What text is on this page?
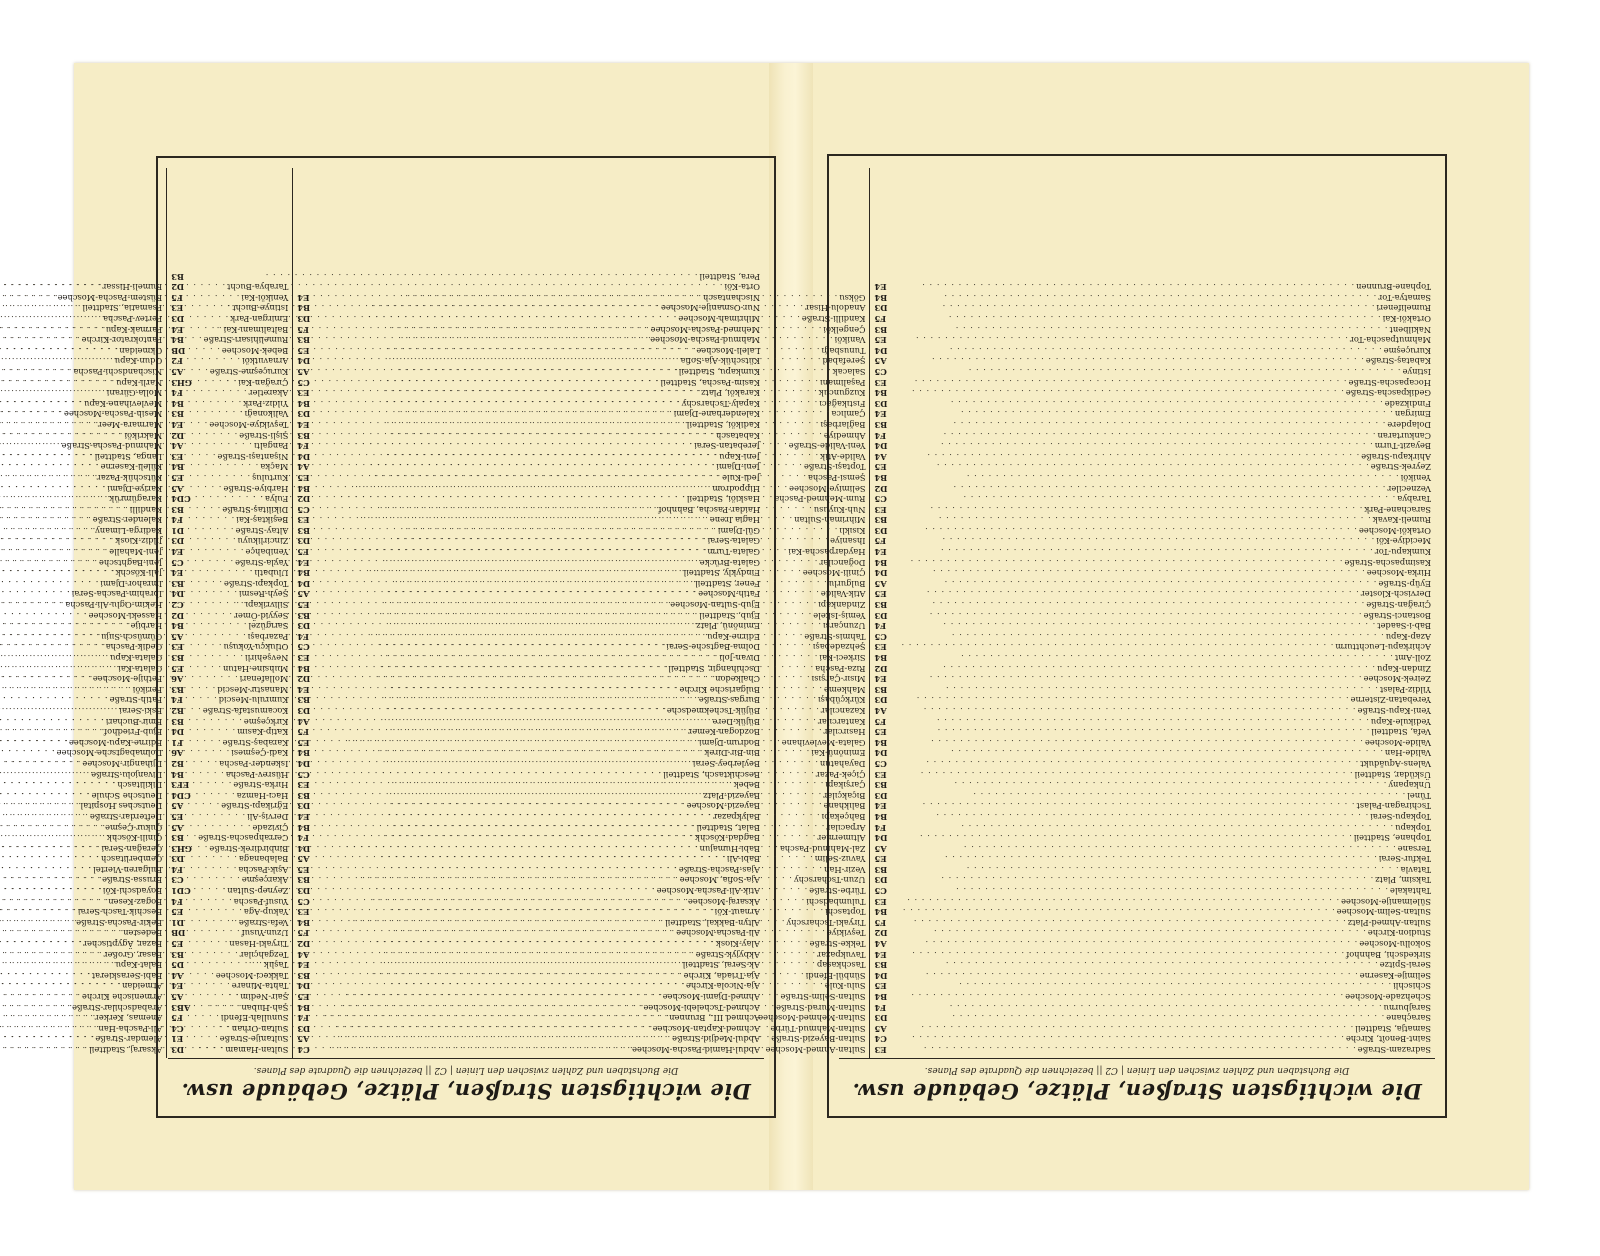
Die wichtigsten Straßen, Plätze, Gebäude usw.
Die Buchstaben und Zahlen zwischen den Linien | C2 || bezeichnen die Quadrate des Planes.
Abdul-Hamid-Pascha-Moschee
. . .
D3
Abdul-Medjid-Straße
. . .
E1
Achmed-Kaptan-Moschee
. . .
C4
Achmed III., Brunnen
. . .
F5
Achmed-Tschelebi-Moschee
. . .
AB3
Ahmed-Djami-Moschee
. . .
A5
Aja-Nicola-Kirche
. . .
E4
Aja-Triada, Kirche
. . .
A4
Ak-Serai, Stadtteil
. . .
D5
Akbyjyk-Straße
. . .
B3
Alay-Kiosk
. . .
E5
Ali-Pascha-Moschee
. . .
DB
Altyn-Bakkal, Stadtteil
. . .
D1
Arnaut-Köi
. . .
E5
Aksaraj-Moschee
. . .
F4
Atik-Ali-Pascha-Moschee
. . .
CD1
Aja-Sofia, Moschee
. . .
C3
Ajas-Pascha-Straße
. . .
F4
Babi-Ali
. . .
D3
Babi-Humajun
. . .
GH3
Bagdad-Köschk
. . .
B3
Balat, Stadtteil
. . .
A5
Balykpazar
. . .
E5
Bayezid-Moschee
. . .
A5
Bayezid-Platz
. . .
CD4
Bebek
. . .
EF3
Beschiktasch, Stadtteil
. . .
B4
Beylerbey-Serai
. . .
B2
Bin-Bir-Direk
. . .
A6
Bodrum-Djami
. . .
F1
Bozdogan-Kemer
. . .
D4
Büjük-Dere
. . .
B3
Büjük-Tschekmedsche
. . .
B2
Burgas-Straße
. . .
F4
Bulgarische Kirche
. . .
B3
Chalkedon
. . .
A6
Dschihangir, Stadtteil
. . .
E5
Divan-Joli
. . .
B3
Dolma-Bagtsche-Serai
. . .
E3
Edirne-Kapu
. . .
A5
Eminönü, Platz
. . .
B4
Ejub, Stadtteil
. . .
D2
Ejub-Sultan-Moschee
. . .
C2
Fatih-Moschee
. . .
D4
Fener, Stadtteil
. . .
B3
Findykly, Stadtteil
. . .
E4
Galata-Brücke
. . .
C5
Galata-Turm
. . .
E4
Galata-Serai
. . .
D3
Gül-Djami
. . .
D1
Hagia Irene
. . .
F4
Haidar-Pascha, Bahnhof
. . .
B3
Haskiöi, Stadtteil
. . .
CD4
Hippodrom
. . .
A5
Jedi-Kule
. . .
E5
Jeni-Djami
. . .
B4
Jeni-Kapu
. . .
E3
Jerebatan-Serai
. . .
A4
Kabatasch
. . .
D2
Kadiköi, Stadtteil
. . .
E4
Kalenderhane-Djami
. . .
B3
Kapaly-Tscharschy
. . .
B4
Karaköi, Platz
. . .
F4
Kasim-Pascha, Stadtteil
. . .
GH3
Kumkapu, Stadtteil
. . .
A5
Kütschük-Aja-Sofia
. . .
F2
Laleli-Moschee
. . .
DB
Mahmud-Pascha-Moschee
. . .
B4
Mehmed-Pascha-Moschee
. . .
E4
Mihrimah-Moschee
. . .
D3
Nur-Osmanije-Moschee
. . .
E3
Nischantasch
. . .
F5
Orta-Köi
. . .
D2
Pera, Stadtteil
. . .
B3
Aksaraj, Stadtteil
. . .
Alemdar-Straße
. . .
Ali-Pascha-Han
. . .
Anemas, Kerker
. . .
Arabadschilar-Straße
. . .
Armenische Kirche
. . .
Atmeidan
. . .
Babi-Seraskierat
. . .
Balat-Kapu
. . .
Basar, Großer
. . .
Bazar, Ägyptischer
. . .
Bedesten
. . .
Bekir-Pascha-Straße
. . .
Beschik-Tasch-Serai
. . .
Bogaz-Kesen
. . .
Boyadschi-Köi
. . .
Brussa-Straße
. . .
Bulgaren-Viertel
. . .
Çemberlitasch
. . .
Çerağan-Serai
. . .
Çinili-Köschk
. . .
Çukur-Çeşme
. . .
Defterdar-Straße
. . .
Deutsches Hospital
. . .
Deutsche Schule
. . .
Dikilitasch
. . .
Divanjolu-Straße
. . .
Djihangir-Moschee
. . .
Dolmabagtsche-Moschee
. . .
Edirne-Kapu-Moschee
. . .
Ejub-Friedhof
. . .
Emir-Buchari
. . .
Eski-Serai
. . .
Fatih-Straße
. . .
Feriköi
. . .
Fethije-Moschee
. . .
Galata-Kai
. . .
Galata-Kapu
. . .
Gedik-Pascha
. . .
Gümüsch-Suju
. . .
Harbije
. . .
Hasseki-Moschee
. . .
Hekim-Oglu-Ali-Pascha
. . .
Ibrahim-Pascha-Serai
. . .
Imrahor-Djami
. . .
Jali-Köschk
. . .
Jeni-Baghtsche
. . .
Jeni-Mahalle
. . .
Jildiz-Kiosk
. . .
Kadirga-Limany
. . .
Kalender-Straße
. . .
Kandilli
. . .
Karagümrük
. . .
Kariye-Djami
. . .
Kütschük-Pazar
. . .
Küleli-Kaserne
. . .
Langa, Stadtteil
. . .
Mahmud-Pascha-Straße
. . .
Makriköi
. . .
Marmara-Meer
. . .
Mesih-Pascha-Moschee
. . .
Mevlevihane-Kapu
. . .
Molla-Gürani
. . .
Narli-Kapu
. . .
Nischandschi-Pascha
. . .
Odun-Kapu
. . .
Okmeidan
. . .
Pantokrator-Kirche
. . .
Parmak-Kapu
. . .
Pertev-Pascha
. . .
Psamatia, Stadtteil
. . .
Rüstem-Pascha-Moschee
. . .
Rumeli-Hissar
. . .
Die wichtigsten Straßen, Plätze, Gebäude usw.
Die Buchstaben und Zahlen zwischen den Linien | C2 || bezeichnen die Quadrate des Planes.
Sadrazam-Straße
. . .
E3
Saint-Benoît, Kirche
. . .
C4
Samatja, Stadtteil
. . .
A5
Saraçhane
. . .
D3
Sarajburnu
. . .
F4
Schehzade-Moschee
. . .
B4
Schischli
. . .
E5
Selimije-Kaserne
. . .
D4
Serai-Spitze
. . .
B3
Sirkedschi, Bahnhof
. . .
E4
Sokollu-Moschee
. . .
A4
Studion-Kirche
. . .
D2
Sultan-Ahmed-Platz
. . .
F5
Sultan-Selim-Moschee
. . .
B4
Süleimanije-Moschee
. . .
E3
Tahtakale
. . .
C5
Taksim, Platz
. . .
D3
Tatavla
. . .
B3
Tekfur-Serai
. . .
E5
Tersane
. . .
A5
Tophane, Stadtteil
. . .
D4
Topkapu
. . .
F4
Topkapu-Serai
. . .
B4
Tschiragan-Palast
. . .
E4
Tünel
. . .
D3
Unkapany
. . .
B3
Üsküdar, Stadtteil
. . .
E3
Valens-Aquädukt
. . .
C5
Valide-Han
. . .
D4
Valide-Moschee
. . .
B4
Vefa, Stadtteil
. . .
E5
Yedikule-Kapu
. . .
F5
Yeni-Kapu-Straße
. . .
A4
Yerebatan-Zisterne
. . .
D3
Yildiz-Palast
. . .
B3
Zeirek-Moschee
. . .
E4
Zindan-Kapu
. . .
D2
Zoll-Amt
. . .
B4
Achirkapu-Leuchtturm
. . .
E3
Azap-Kapu
. . .
C5
Bab-i-Saadet
. . .
F4
Bostanci-Straße
. . .
D3
Çirağan-Straße
. . .
B3
Dervisch-Kloster
. . .
E5
Eyüp-Straße
. . .
A5
Hirka-Moschee
. . .
D4
Kasimpascha-Straße
. . .
B4
Kumkapu-Tor
. . .
E4
Mecidiye-Köi
. . .
F5
Ortaköi-Moschee
. . .
D3
Rumeli-Kavak
. . .
B3
Sarachane-Park
. . .
E3
Tarabya
. . .
C5
Vezneciler
. . .
D2
Yeniköi
. . .
B4
Zeyrek-Straße
. . .
E5
Ahirkapu-Straße
. . .
A4
Beyazit-Turm
. . .
D4
Cankurtaran
. . .
F4
Dolapdere
. . .
B3
Emirgan
. . .
E4
Fındıkzade
. . .
D3
Gedikpascha-Straße
. . .
B4
Hocapascha-Straße
. . .
E3
Istinye
. . .
C5
Kabataş-Straße
. . .
A5
Kuruçeşme
. . .
D4
Mahmutpascha-Tor
. . .
E5
Nakilbent
. . .
B3
Ortaköi-Kai
. . .
F5
Rumelifeneri
. . .
D3
Samatya-Tor
. . .
B4
Tophane-Brunnen
. . .
E4
Sultan-Ahmed-Moschee
. . .
C4
Sultan-Bayezid-Straße
. . .
A5
Sultan-Mahmud-Türbe
. . .
D3
Sultan-Mehmed-Moschee
. . .
F4
Sultan-Murad-Straße
. . .
B4
Sultan-Selim-Straße
. . .
E5
Sulu-Kule
. . .
D4
Sünbül-Efendi
. . .
B3
Taschkasap
. . .
E4
Tavukpazar
. . .
A4
Tekke-Straße
. . .
D2
Teşvikiye
. . .
F5
Tiryaki-Tscharschy
. . .
B4
Toptaschi
. . .
E3
Tulumbadschi
. . .
C5
Türbe-Straße
. . .
D3
Uzun-Tscharschy
. . .
B3
Vezir-Han
. . .
E5
Yavuz-Selim
. . .
A5
Zal-Mahmud-Pascha
. . .
D4
Altımermer
. . .
F4
Arpacılar
. . .
B4
Bahçekapı
. . .
E4
Balıkhane
. . .
D3
Bıçakçılar
. . .
B3
Çarşıkapı
. . .
E3
Çiçek-Pazar
. . .
C5
Dayahatun
. . .
D4
Eminönü-Kai
. . .
B4
Galata-Mevlevihane
. . .
E5
Hasırcılar
. . .
F5
Kantarcılar
. . .
A4
Kazancılar
. . .
D3
Kürkçübaşı
. . .
B3
Mahkeme
. . .
E4
Mısır-Çarşısı
. . .
D2
Rıza-Pascha
. . .
B4
Sirkeci-Kai
. . .
E3
Şehzadebaşı
. . .
C5
Tahmis-Straße
. . .
F4
Uzunçarşı
. . .
D3
Yemiş-Iskele
. . .
B3
Zindankapı
. . .
E5
Atik-Valide
. . .
A5
Bulgurlu
. . .
D4
Çinili-Moschee
. . .
B4
Doğancılar
. . .
E4
Haydarpascha-Kai
. . .
F5
Ihsaniye
. . .
D3
Kısıklı
. . .
B3
Mihrimah-Sultan
. . .
E3
Nuh-Kuyusu
. . .
C5
Rum-Mehmed-Pascha
. . .
D2
Selimiye-Moschee
. . .
B4
Şemsi-Pascha
. . .
E5
Toptaşı-Straße
. . .
A4
Valide-Atik
. . .
D4
Yeni-Valide-Straße
. . .
F4
Ahmediye
. . .
B3
Bağlarbaşı
. . .
E4
Çamlıca
. . .
D3
Fıstıkağacı
. . .
B4
Kuzguncuk
. . .
E3
Paşalimanı
. . .
C5
Salacak
. . .
A5
Şerefabad
. . .
D4
Tunusbağı
. . .
E5
Vaniköi
. . .
B3
Çengelköi
. . .
F5
Kandilli-Straße
. . .
D3
Anadolu-Hisar
. . .
B4
Göksu
. . .
E4
Sultan-Hamam
. . .
Sultanije-Straße
. . .
Sultan-Orhan
. . .
Sunullah-Efendi
. . .
Şah-Huban
. . .
Şair-Nedim
. . .
Tahta-Minare
. . .
Takkeci-Moschee
. . .
Taşlık
. . .
Tezgahçılar
. . .
Tiryaki-Hasan
. . .
Uzun-Yusuf
. . .
Vefa-Straße
. . .
Yakup-Aga
. . .
Yusuf-Pascha
. . .
Zeynep-Sultan
. . .
Akarçeşme
. . .
Aşık-Pascha
. . .
Balabanaga
. . .
Binbirdirek-Straße
. . .
Cerrahpascha-Straße
. . .
Çivizade
. . .
Derviş-Ali
. . .
Eğrikapı-Straße
. . .
Hacı-Hamza
. . .
Hırka-Straße
. . .
Hüsrev-Pascha
. . .
Iskender-Pascha
. . .
Kadi-Çeşmesi
. . .
Karabaş-Straße
. . .
Katip-Kasım
. . .
Kırkçeşme
. . .
Kocamustafa-Straße
. . .
Kumrulu-Mescid
. . .
Manastır-Mescid
. . .
Mollafenari
. . .
Muhsine-Hatun
. . .
Nevşehirli
. . .
Otlukçu-Yokuşu
. . .
Pazarbaşı
. . .
Sarıgüzel
. . .
Seyyid-Ömer
. . .
Silivrikapı
. . .
Şeyh-Resmi
. . .
Topkapı-Straße
. . .
Ulubatlı
. . .
Yayla-Straße
. . .
Yenibahçe
. . .
Zincirlikuyu
. . .
Altay-Straße
. . .
Beşiktaş-Kai
. . .
Dikilitaş-Straße
. . .
Fulya
. . .
Harbiye-Straße
. . .
Kurtuluş
. . .
Maçka
. . .
Nişantaşı-Straße
. . .
Pangaltı
. . .
Şişli-Straße
. . .
Teşvikiye-Moschee
. . .
Valikonağı
. . .
Yıldız-Park
. . .
Akaretler
. . .
Çırağan-Kai
. . .
Kuruçeşme-Straße
. . .
Arnavutköi
. . .
Bebek-Moschee
. . .
Rumelihisarı-Straße
. . .
Baltalimanı-Kai
. . .
Emirgan-Park
. . .
Istinye-Bucht
. . .
Yeniköi-Kai
. . .
Tarabya-Bucht
. . .
